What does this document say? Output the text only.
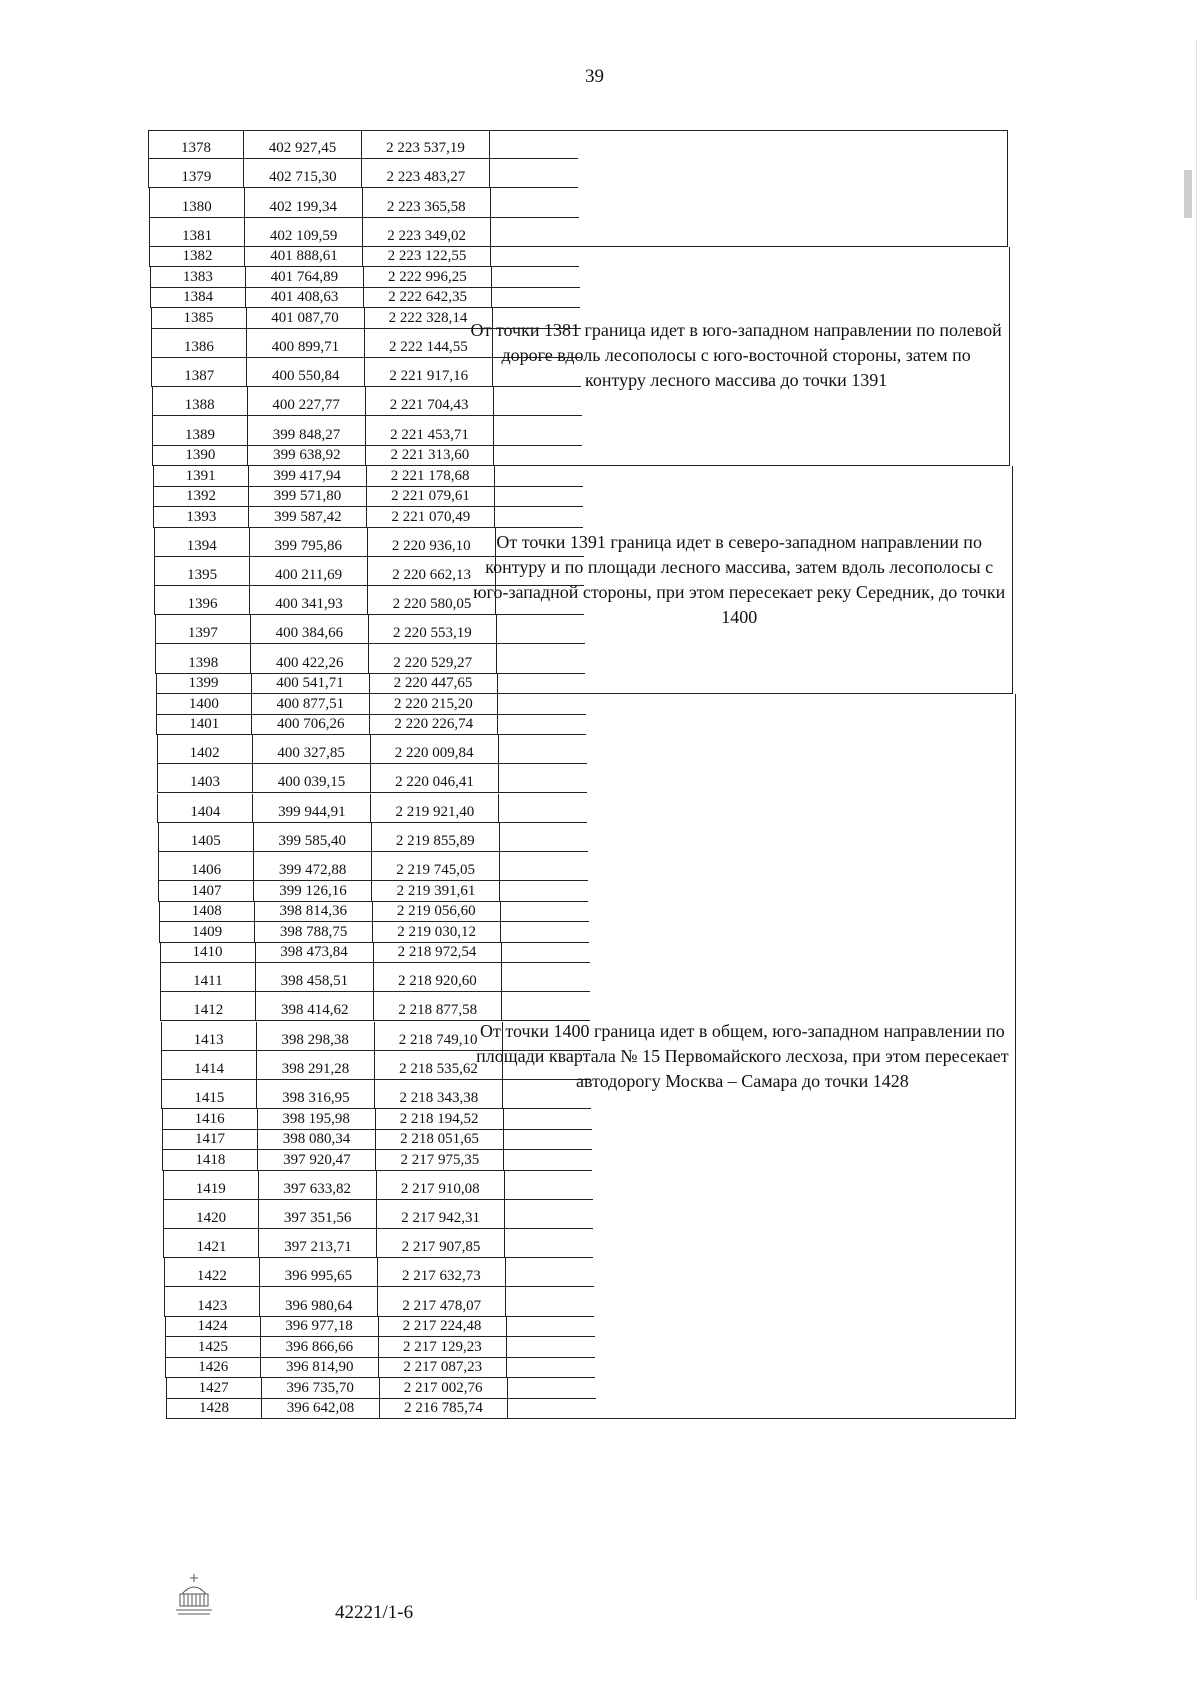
39
1378	402 927,45	2 223 537,19
1379	402 715,30	2 223 483,27
1380	402 199,34	2 223 365,58
1381	402 109,59	2 223 349,02
1382	401 888,61	2 223 122,55
1383	401 764,89	2 222 996,25
1384	401 408,63	2 222 642,35
1385	401 087,70	2 222 328,14
1386	400 899,71	2 222 144,55
1387	400 550,84	2 221 917,16
1388	400 227,77	2 221 704,43
1389	399 848,27	2 221 453,71
1390	399 638,92	2 221 313,60
1391	399 417,94	2 221 178,68
1392	399 571,80	2 221 079,61
1393	399 587,42	2 221 070,49
1394	399 795,86	2 220 936,10
1395	400 211,69	2 220 662,13
1396	400 341,93	2 220 580,05
1397	400 384,66	2 220 553,19
1398	400 422,26	2 220 529,27
1399	400 541,71	2 220 447,65
1400	400 877,51	2 220 215,20
1401	400 706,26	2 220 226,74
1402	400 327,85	2 220 009,84
1403	400 039,15	2 220 046,41
1404	399 944,91	2 219 921,40
1405	399 585,40	2 219 855,89
1406	399 472,88	2 219 745,05
1407	399 126,16	2 219 391,61
1408	398 814,36	2 219 056,60
1409	398 788,75	2 219 030,12
1410	398 473,84	2 218 972,54
1411	398 458,51	2 218 920,60
1412	398 414,62	2 218 877,58
1413	398 298,38	2 218 749,10
1414	398 291,28	2 218 535,62
1415	398 316,95	2 218 343,38
1416	398 195,98	2 218 194,52
1417	398 080,34	2 218 051,65
1418	397 920,47	2 217 975,35
1419	397 633,82	2 217 910,08
1420	397 351,56	2 217 942,31
1421	397 213,71	2 217 907,85
1422	396 995,65	2 217 632,73
1423	396 980,64	2 217 478,07
1424	396 977,18	2 217 224,48
1425	396 866,66	2 217 129,23
1426	396 814,90	2 217 087,23
1427	396 735,70	2 217 002,76
1428	396 642,08	2 216 785,74
От точки 1381 граница идет в юго-западном направлении по полевой дороге вдоль лесополосы с юго-восточной стороны, затем по контуру лесного массива до точки 1391
От точки 1391 граница идет в северо-западном направлении по контуру и по площади лесного массива, затем вдоль лесополосы с юго-западной стороны, при этом пересекает реку Середник, до точки 1400
От точки 1400 граница идет в общем, юго-западном направлении по площади квартала № 15 Первомайского лесхоза, при этом пересекает автодорогу Москва – Самара до точки 1428
42221/1-6
